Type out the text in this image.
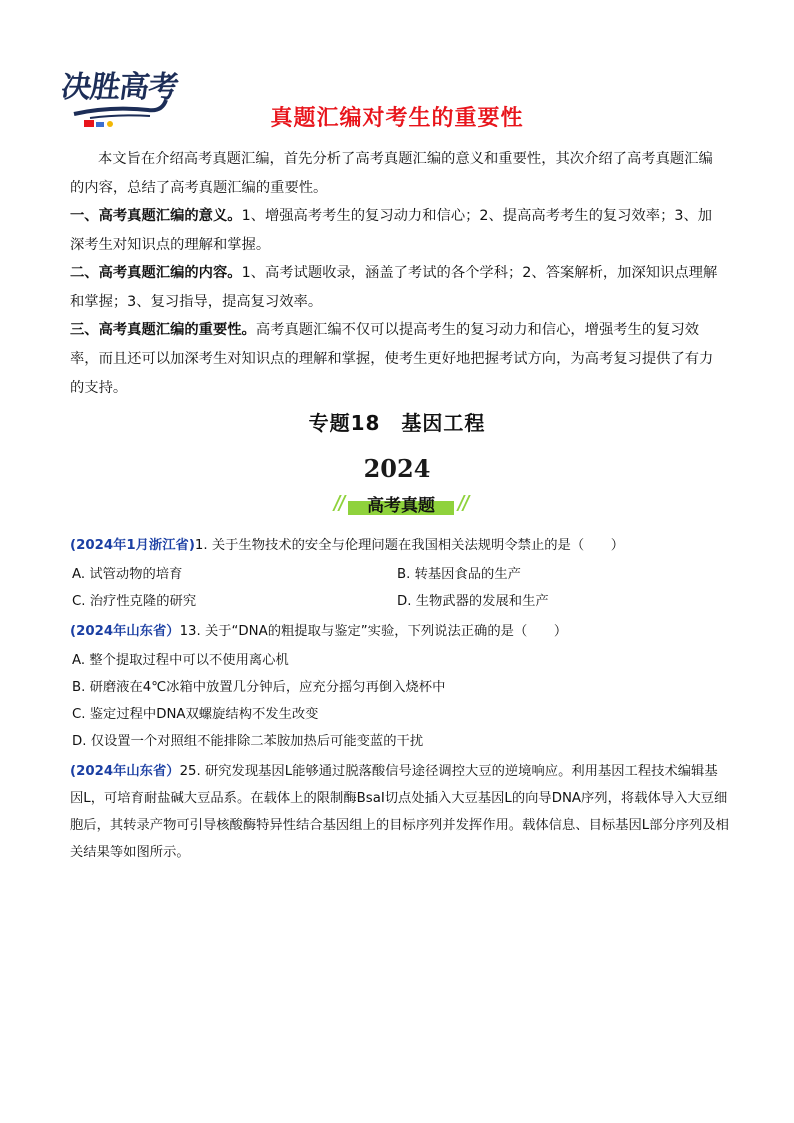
决胜高考
真题汇编对考生的重要性
本文旨在介绍高考真题汇编，首先分析了高考真题汇编的意义和重要性，其次介绍了高考真题汇编的内容，总结了高考真题汇编的重要性。
一、高考真题汇编的意义。1、增强高考考生的复习动力和信心；2、提高高考考生的复习效率；3、加深考生对知识点的理解和掌握。
二、高考真题汇编的内容。1、高考试题收录，涵盖了考试的各个学科；2、答案解析，加深知识点理解和掌握；3、复习指导，提高复习效率。
三、高考真题汇编的重要性。高考真题汇编不仅可以提高考生的复习动力和信心，增强考生的复习效率，而且还可以加深考生对知识点的理解和掌握，使考生更好地把握考试方向，为高考复习提供了有力的支持。
专题18　基因工程
2024
高考真题
(2024年1月浙江省)1. 关于生物技术的安全与伦理问题在我国相关法规明令禁止的是（　　）
A. 试管动物的培育	B. 转基因食品的生产
C. 治疗性克隆的研究	D. 生物武器的发展和生产
(2024年山东省）13. 关于“DNA的粗提取与鉴定”实验，下列说法正确的是（　　）
A. 整个提取过程中可以不使用离心机
B. 研磨液在4℃冰箱中放置几分钟后，应充分摇匀再倒入烧杯中
C. 鉴定过程中DNA双螺旋结构不发生改变
D. 仅设置一个对照组不能排除二苯胺加热后可能变蓝的干扰
(2024年山东省）25. 研究发现基因L能够通过脱落酸信号途径调控大豆的逆境响应。利用基因工程技术编辑基因L，可培育耐盐碱大豆品系。在载体上的限制酶BsaI切点处插入大豆基因L的向导DNA序列，将载体导入大豆细胞后，其转录产物可引导核酸酶特异性结合基因组上的目标序列并发挥作用。载体信息、目标基因L部分序列及相关结果等如图所示。
